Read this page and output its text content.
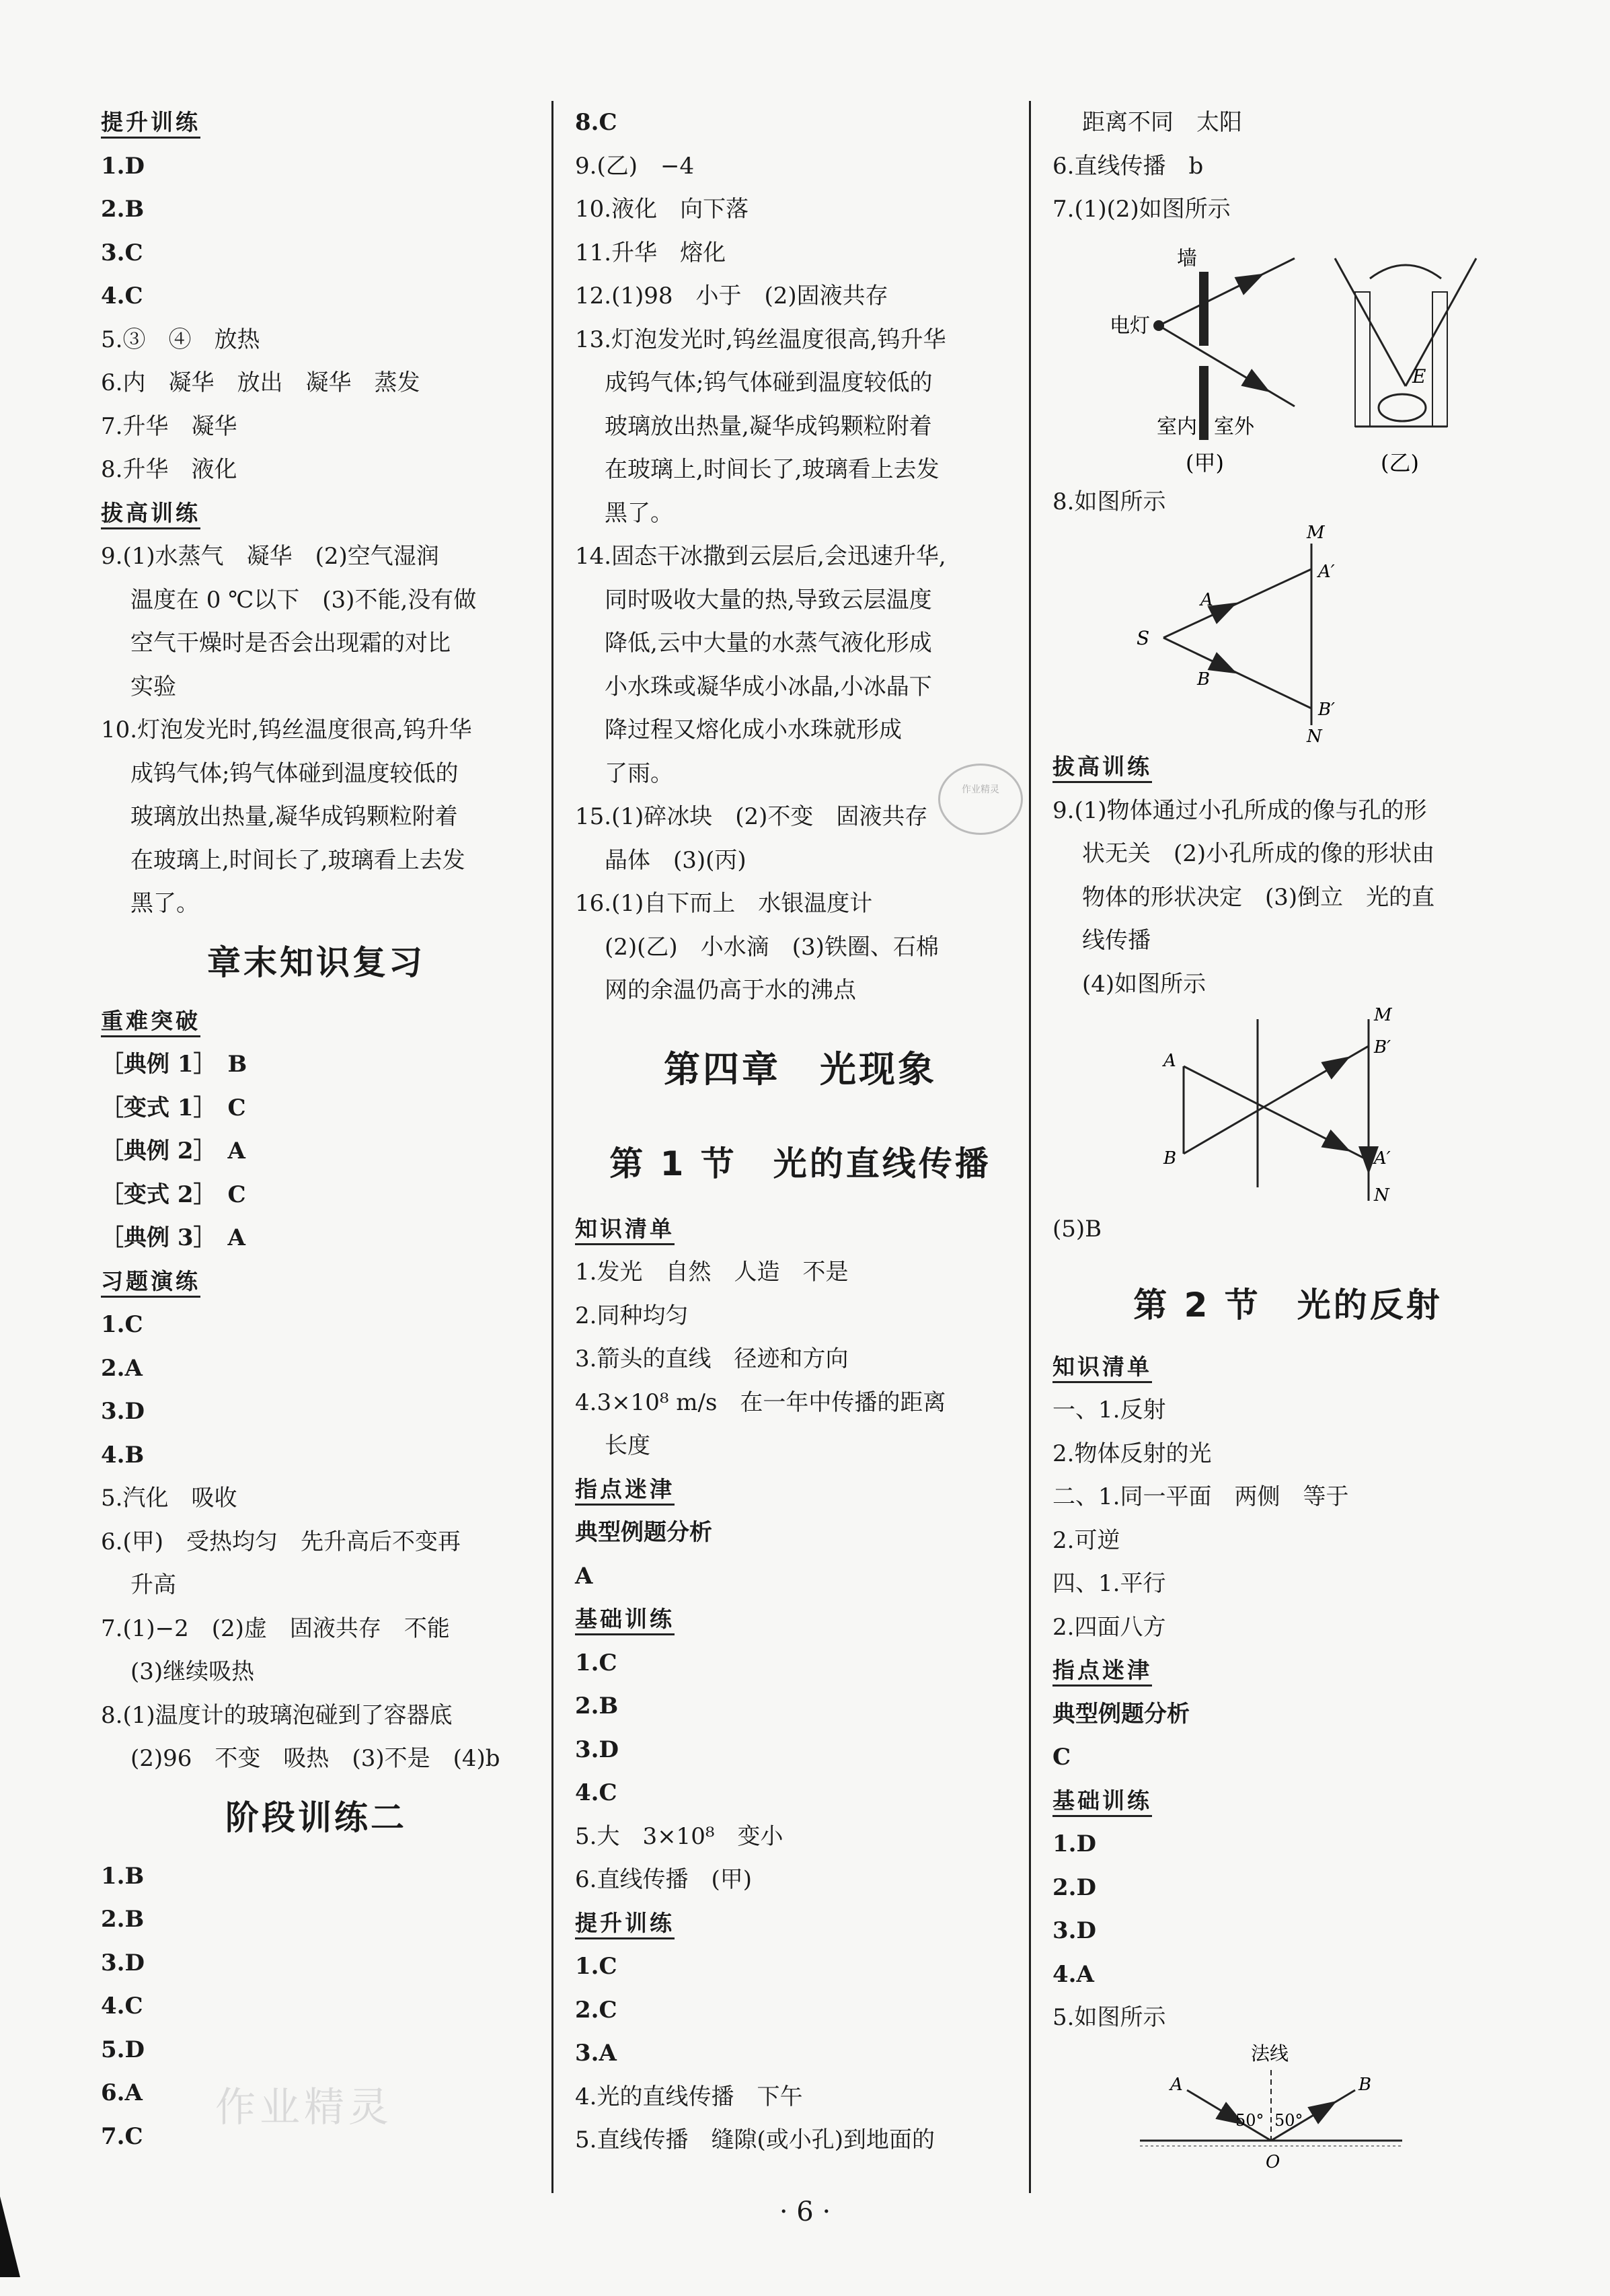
提升训练
1.D
2.B
3.C
4.C
5.③　④　放热
6.内　凝华　放出　凝华　蒸发
7.升华　凝华
8.升华　液化
拔高训练
9.(1)水蒸气　凝华　(2)空气湿润
温度在 0 ℃以下　(3)不能,没有做
空气干燥时是否会出现霜的对比
实验
10.灯泡发光时,钨丝温度很高,钨升华
成钨气体;钨气体碰到温度较低的
玻璃放出热量,凝华成钨颗粒附着
在玻璃上,时间长了,玻璃看上去发
黑了。
章末知识复习
重难突破
［典例 1］　B
［变式 1］　C
［典例 2］　A
［变式 2］　C
［典例 3］　A
习题演练
1.C
2.A
3.D
4.B
5.汽化　吸收
6.(甲)　受热均匀　先升高后不变再
升高
7.(1)−2　(2)虚　固液共存　不能
(3)继续吸热
8.(1)温度计的玻璃泡碰到了容器底
(2)96　不变　吸热　(3)不是　(4)b
阶段训练二
1.B
2.B
3.D
4.C
5.D
6.A
7.C
8.C
9.(乙)　−4
10.液化　向下落
11.升华　熔化
12.(1)98　小于　(2)固液共存
13.灯泡发光时,钨丝温度很高,钨升华
成钨气体;钨气体碰到温度较低的
玻璃放出热量,凝华成钨颗粒附着
在玻璃上,时间长了,玻璃看上去发
黑了。
14.固态干冰撒到云层后,会迅速升华,
同时吸收大量的热,导致云层温度
降低,云中大量的水蒸气液化形成
小水珠或凝华成小冰晶,小冰晶下
降过程又熔化成小水珠就形成
了雨。
15.(1)碎冰块　(2)不变　固液共存
晶体　(3)(丙)
16.(1)自下而上　水银温度计
(2)(乙)　小水滴　(3)铁圈、石棉
网的余温仍高于水的沸点
第四章　光现象
第 1 节　光的直线传播
知识清单
1.发光　自然　人造　不是
2.同种均匀
3.箭头的直线　径迹和方向
4.3×10⁸ m/s　在一年中传播的距离
长度
指点迷津
典型例题分析
A
基础训练
1.C
2.B
3.D
4.C
5.大　3×10⁸　变小
6.直线传播　(甲)
提升训练
1.C
2.C
3.A
4.光的直线传播　下午
5.直线传播　缝隙(或小孔)到地面的
距离不同　太阳
6.直线传播　b
7.(1)(2)如图所示
墙
电灯
室内 室外
(甲)
E
(乙)
8.如图所示
M
N
S
A
B
A′
B′
拔高训练
9.(1)物体通过小孔所成的像与孔的形
状无关　(2)小孔所成的像的形状由
物体的形状决定　(3)倒立　光的直
线传播
(4)如图所示
M
N
A
B
B′
A′
(5)B
第 2 节　光的反射
知识清单
一、1.反射
2.物体反射的光
二、1.同一平面　两侧　等于
2.可逆
四、1.平行
2.四面八方
指点迷津
典型例题分析
C
基础训练
1.D
2.D
3.D
4.A
5.如图所示
法线
A	B
50° 50°
O
作业精灵

作业精灵
· 6 ·
